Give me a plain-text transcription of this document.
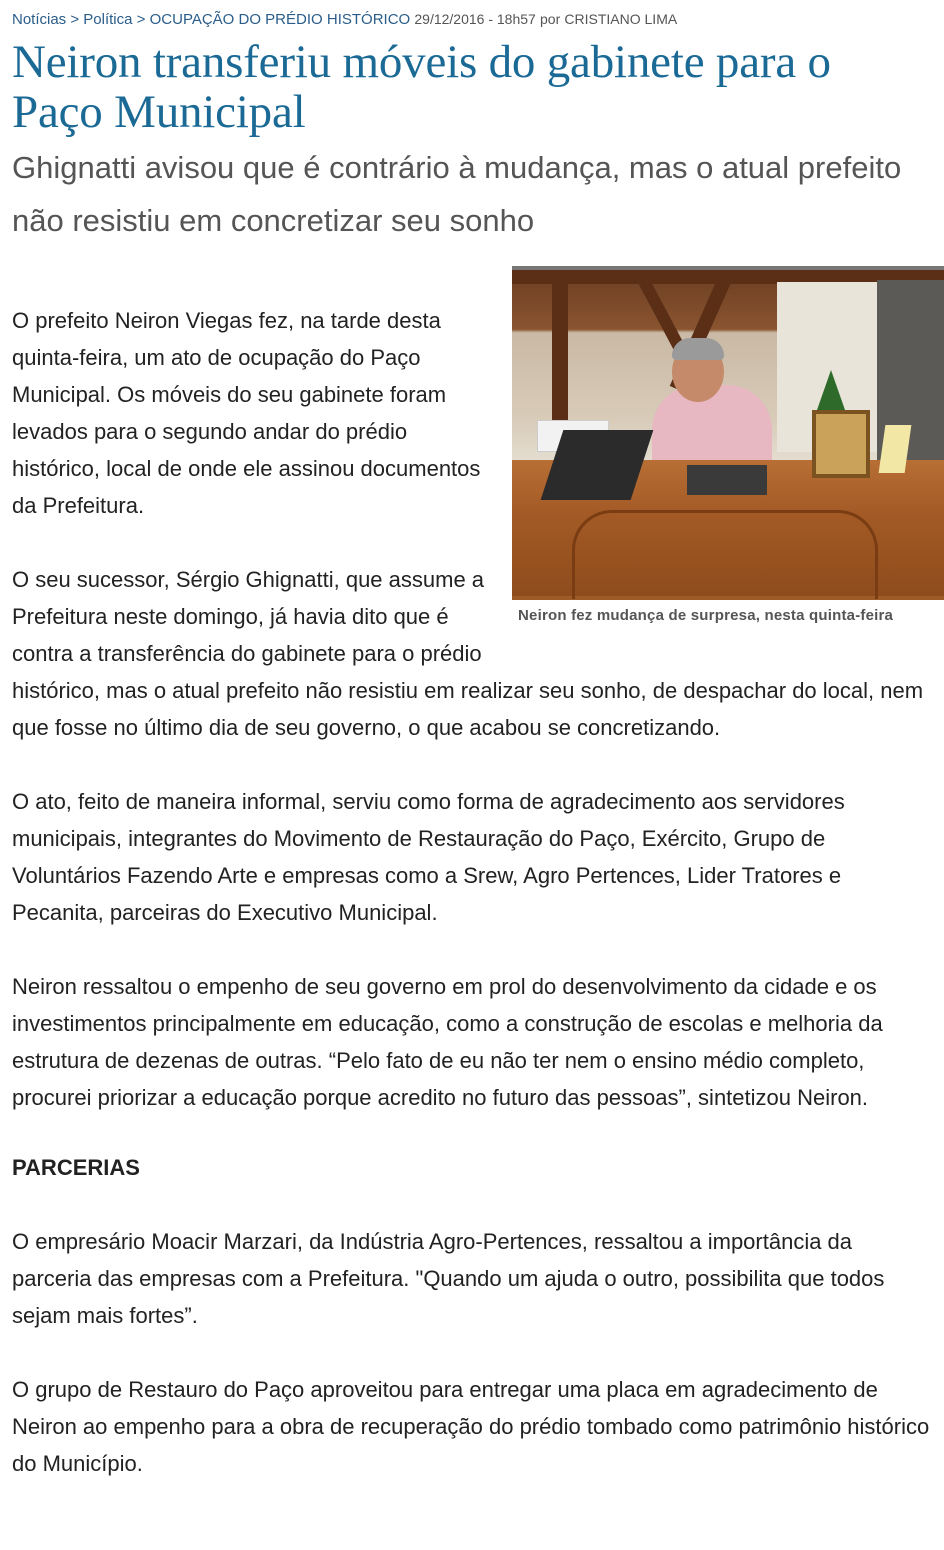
Notícias > Política > OCUPAÇÃO DO PRÉDIO HISTÓRICO 29/12/2016 - 18h57 por CRISTIANO LIMA
Neiron transferiu móveis do gabinete para o Paço Municipal
Ghignatti avisou que é contrário à mudança, mas o atual prefeito não resistiu em concretizar seu sonho
Neiron fez mudança de surpresa, nesta quinta-feira

O prefeito Neiron Viegas fez, na tarde desta quinta-feira, um ato de ocupação do Paço Municipal. Os móveis do seu gabinete foram levados para o segundo andar do prédio histórico, local de onde ele assinou documentos da Prefeitura.

O seu sucessor, Sérgio Ghignatti, que assume a Prefeitura neste domingo, já havia dito que é contra a transferência do gabinete para o prédio histórico, mas o atual prefeito não resistiu em realizar seu sonho, de despachar do local, nem que fosse no último dia de seu governo, o que acabou se concretizando.

O ato, feito de maneira informal, serviu como forma de agradecimento aos servidores municipais, integrantes do Movimento de Restauração do Paço, Exército, Grupo de Voluntários Fazendo Arte e empresas como a Srew, Agro Pertences, Lider Tratores e Pecanita, parceiras do Executivo Municipal.

Neiron ressaltou o empenho de seu governo em prol do desenvolvimento da cidade e os investimentos principalmente em educação, como a construção de escolas e melhoria da estrutura de dezenas de outras. “Pelo fato de eu não ter nem o ensino médio completo, procurei priorizar a educação porque acredito no futuro das pessoas”, sintetizou Neiron.

PARCERIAS

O empresário Moacir Marzari, da Indústria Agro-Pertences, ressaltou a importância da parceria das empresas com a Prefeitura. "Quando um ajuda o outro, possibilita que todos sejam mais fortes”.

O grupo de Restauro do Paço aproveitou para entregar uma placa em agradecimento de Neiron ao empenho para a obra de recuperação do prédio tombado como patrimônio histórico do Município.
